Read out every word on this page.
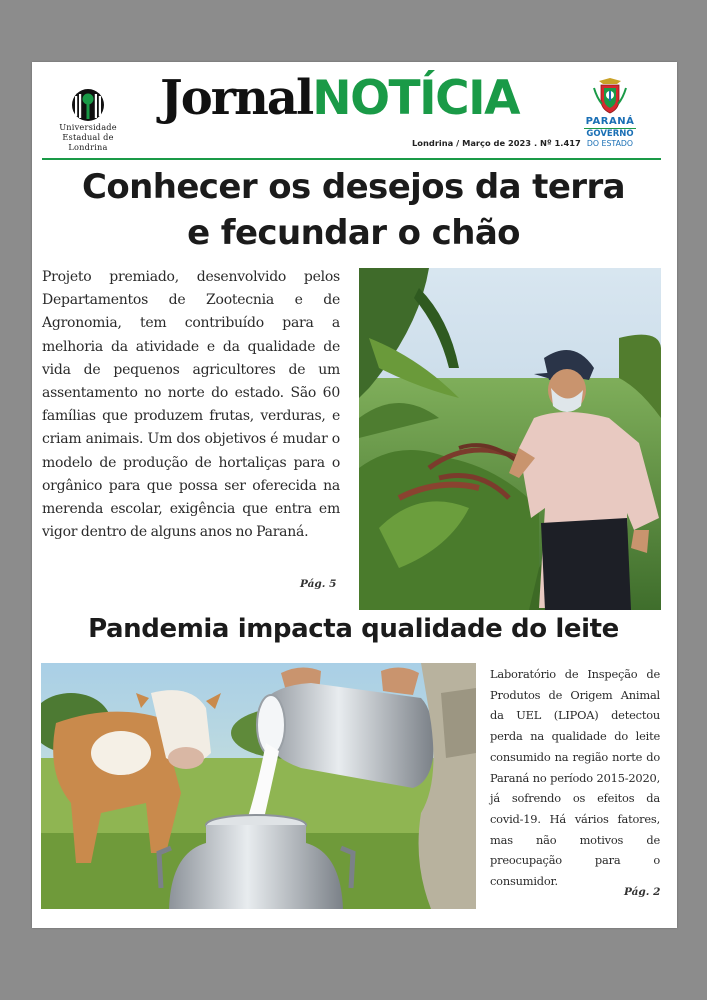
Universidade
Estadual de Londrina
JornalNOTÍCIA
Londrina / Março de 2023 . Nº 1.417
PARANÁ
GOVERNO
DO ESTADO
Conhecer os desejos da terra
e fecundar o chão
Projeto premiado, desenvolvido pelos Departamentos de Zootecnia e de Agronomia, tem contribuído para a melhoria da atividade e da qualidade de vida de pequenos agricultores de um assentamento no norte do estado. São 60 famílias que produzem frutas, verduras, e criam animais. Um dos objetivos é mudar o modelo de produção de hortaliças para o orgânico para que possa ser oferecida na merenda escolar, exigência que entra em vigor dentro de alguns anos no Paraná.
Pág. 5
Pandemia impacta qualidade do leite
Laboratório de Inspeção de Produtos de Origem Animal da UEL (LIPOA) detectou perda na qualidade do leite consumido na região norte do Paraná no período 2015-2020, já sofrendo os efeitos da covid-19. Há vários fatores, mas não motivos de preocupação para o consumidor.
Pág. 2
